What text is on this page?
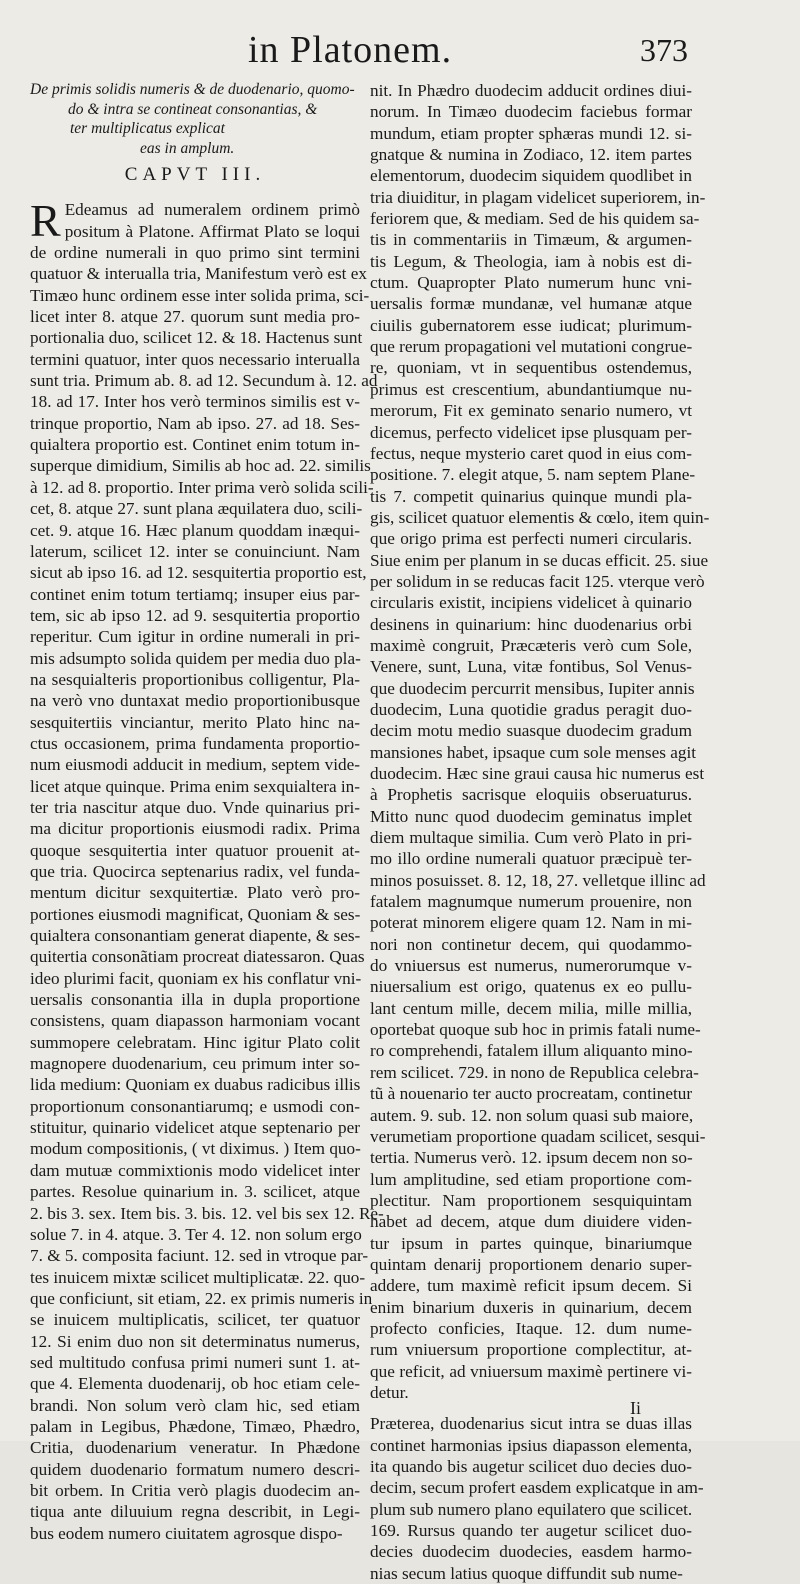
in Platonem.	373
De primis solidis numeris & de duodenario, quomo-
do & intra se contineat consonantias, &
ter multiplicatus explicat
eas in amplum.
CAPVT III.
R Edeamus ad numeralem ordinem primò
positum à Platone. Affirmat Plato se loqui
de ordine numerali in quo primo sint termini
quatuor & interualla tria, Manifestum verò est ex
Timæo hunc ordinem esse inter solida prima, sci-
licet inter 8. atque 27. quorum sunt media pro-
portionalia duo, scilicet 12. & 18. Hactenus sunt
termini quatuor, inter quos necessario interualla
sunt tria. Primum ab. 8. ad 12. Secundum à. 12. ad
18. ad 17. Inter hos verò terminos similis est v-
trinque proportio, Nam ab ipso. 27. ad 18. Ses-
quialtera proportio est. Continet enim totum in-
superque dimidium, Similis ab hoc ad. 22. similis
à 12. ad 8. proportio. Inter prima verò solida scili-
cet, 8. atque 27. sunt plana æquilatera duo, scili-
cet. 9. atque 16. Hæc planum quoddam inæqui-
laterum, scilicet 12. inter se conuinciunt. Nam
sicut ab ipso 16. ad 12. sesquitertia proportio est,
continet enim totum tertiamq; insuper eius par-
tem, sic ab ipso 12. ad 9. sesquitertia proportio
reperitur. Cum igitur in ordine numerali in pri-
mis adsumpto solida quidem per media duo pla-
na sesquialteris proportionibus colligentur, Pla-
na verò vno duntaxat medio proportionibusque
sesquitertiis vinciantur, merito Plato hinc na-
ctus occasionem, prima fundamenta proportio-
num eiusmodi adducit in medium, septem vide-
licet atque quinque. Prima enim sexquialtera in-
ter tria nascitur atque duo. Vnde quinarius pri-
ma dicitur proportionis eiusmodi radix. Prima
quoque sesquitertia inter quatuor prouenit at-
que tria. Quocirca septenarius radix, vel funda-
mentum dicitur sexquitertiæ. Plato verò pro-
portiones eiusmodi magnificat, Quoniam & ses-
quialtera consonantiam generat diapente, & ses-
quitertia consonãtiam procreat diatessaron. Quas
ideo plurimi facit, quoniam ex his conflatur vni-
uersalis consonantia illa in dupla proportione
consistens, quam diapasson harmoniam vocant
summopere celebratam. Hinc igitur Plato colit
magnopere duodenarium, ceu primum inter so-
lida medium: Quoniam ex duabus radicibus illis
proportionum consonantiarumq; e usmodi con-
stituitur, quinario videlicet atque septenario per
modum compositionis, ( vt diximus. ) Item quo-
dam mutuæ commixtionis modo videlicet inter
partes. Resolue quinarium in. 3. scilicet, atque
2. bis 3. sex. Item bis. 3. bis. 12. vel bis sex 12. Re-
solue 7. in 4. atque. 3. Ter 4. 12. non solum ergo
7. & 5. composita faciunt. 12. sed in vtroque par-
tes inuicem mixtæ scilicet multiplicatæ. 22. quo-
que conficiunt, sit etiam, 22. ex primis numeris in
se inuicem multiplicatis, scilicet, ter quatuor
12. Si enim duo non sit determinatus numerus,
sed multitudo confusa primi numeri sunt 1. at-
que 4. Elementa duodenarij, ob hoc etiam cele-
brandi. Non solum verò clam hic, sed etiam
palam in Legibus, Phædone, Timæo, Phædro,
Critia, duodenarium veneratur. In Phædone
quidem duodenario formatum numero descri-
bit orbem. In Critia verò plagis duodecim an-
tiqua ante diluuium regna describit, in Legi-
bus eodem numero ciuitatem agrosque dispo-
nit. In Phædro duodecim adducit ordines diui-
norum. In Timæo duodecim faciebus formar
mundum, etiam propter sphæras mundi 12. si-
gnatque & numina in Zodiaco, 12. item partes
elementorum, duodecim siquidem quodlibet in
tria diuiditur, in plagam videlicet superiorem, in-
feriorem que, & mediam. Sed de his quidem sa-
tis in commentariis in Timæum, & argumen-
tis Legum, & Theologia, iam à nobis est di-
ctum. Quapropter Plato numerum hunc vni-
uersalis formæ mundanæ, vel humanæ atque
ciuilis gubernatorem esse iudicat; plurimum-
que rerum propagationi vel mutationi congrue-
re, quoniam, vt in sequentibus ostendemus,
primus est crescentium, abundantiumque nu-
merorum, Fit ex geminato senario numero, vt
dicemus, perfecto videlicet ipse plusquam per-
fectus, neque mysterio caret quod in eius com-
positione. 7. elegit atque, 5. nam septem Plane-
tis 7. competit quinarius quinque mundi pla-
gis, scilicet quatuor elementis & cœlo, item quin-
que origo prima est perfecti numeri circularis.
Siue enim per planum in se ducas efficit. 25. siue
per solidum in se reducas facit 125. vterque verò
circularis existit, incipiens videlicet à quinario
desinens in quinarium: hinc duodenarius orbi
maximè congruit, Præcæteris verò cum Sole,
Venere, sunt, Luna, vitæ fontibus, Sol Venus-
que duodecim percurrit mensibus, Iupiter annis
duodecim, Luna quotidie gradus peragit duo-
decim motu medio suasque duodecim gradum
mansiones habet, ipsaque cum sole menses agit
duodecim. Hæc sine graui causa hic numerus est
à Prophetis sacrisque eloquiis obseruaturus.
Mitto nunc quod duodecim geminatus implet
diem multaque similia. Cum verò Plato in pri-
mo illo ordine numerali quatuor præcipuè ter-
minos posuisset. 8. 12, 18, 27. velletque illinc ad
fatalem magnumque numerum prouenire, non
poterat minorem eligere quam 12. Nam in mi-
nori non continetur decem, qui quodammo-
do vniuersus est numerus, numerorumque v-
niuersalium est origo, quatenus ex eo pullu-
lant centum mille, decem milia, mille millia,
oportebat quoque sub hoc in primis fatali nume-
ro comprehendi, fatalem illum aliquanto mino-
rem scilicet. 729. in nono de Republica celebra-
tũ à nouenario ter aucto procreatam, continetur
autem. 9. sub. 12. non solum quasi sub maiore,
verumetiam proportione quadam scilicet, sesqui-
tertia. Numerus verò. 12. ipsum decem non so-
lum amplitudine, sed etiam proportione com-
plectitur. Nam proportionem sesquiquintam
habet ad decem, atque dum diuidere viden-
tur ipsum in partes quinque, binariumque
quintam denarij proportionem denario super-
addere, tum maximè reficit ipsum decem. Si
enim binarium duxeris in quinarium, decem
profecto conficies, Itaque. 12. dum nume-
rum vniuersum proportione complectitur, at-
que reficit, ad vniuersum maximè pertinere vi-
detur.
Præterea, duodenarius sicut intra se duas illas
continet harmonias ipsius diapasson elementa,
ita quando bis augetur scilicet duo decies duo-
decim, secum profert easdem explicatque in am-
plum sub numero plano equilatero que scilicet.
169. Rursus quando ter augetur scilicet duo-
decies duodecim duodecies, easdem harmo-
nias secum latius quoque diffundit sub nume-
Ii
